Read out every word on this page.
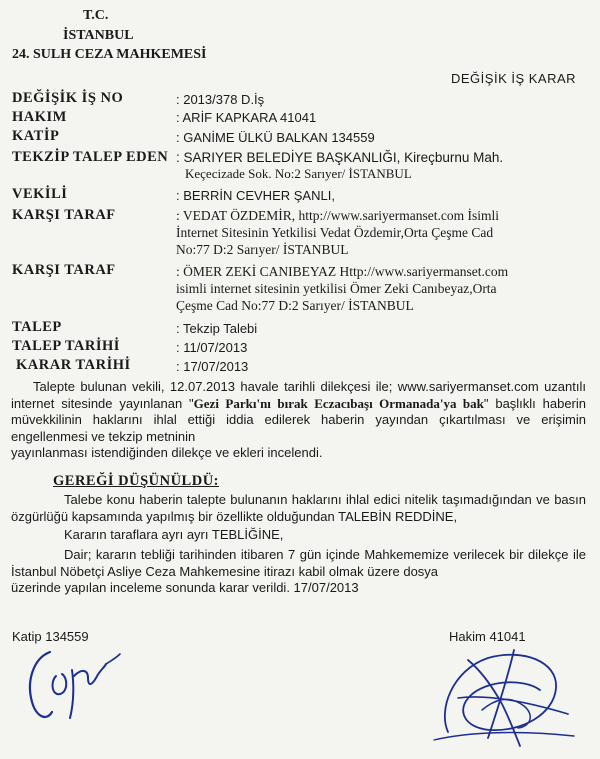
T.C.
İSTANBUL
24. SULH CEZA MAHKEMESİ
DEĞİŞİK İŞ KARAR
DEĞİŞİK İŞ NO	: 2013/378 D.İş
HAKIM	: ARİF KAPKARA 41041
KATİP	: GANİME ÜLKÜ BALKAN 134559
TEKZİP TALEP EDEN : SARIYER BELEDİYE BAŞKANLIĞI, Kireçburnu Mah.
Keçecizade Sok. No:2 Sarıyer/ İSTANBUL
VEKİLİ	: BERRİN CEVHER ŞANLI,
KARŞI TARAF	: VEDAT ÖZDEMİR, http://www.sariyermanset.com İsimli
İnternet Sitesinin Yetkilisi Vedat Özdemir,Orta Çeşme Cad
No:77 D:2 Sarıyer/ İSTANBUL
KARŞI TARAF	: ÖMER ZEKİ CANIBEYAZ Http://www.sariyermanset.com
isimli internet sitesinin yetkilisi Ömer Zeki Canıbeyaz,Orta
Çeşme Cad No:77 D:2 Sarıyer/ İSTANBUL
TALEP	: Tekzip Talebi
TALEP TARİHİ	: 11/07/2013
KARAR TARİHİ	: 17/07/2013
Talepte bulunan vekili, 12.07.2013 havale tarihli dilekçesi ile; www.sariyermanset.com uzantılı internet sitesinde yayınlanan "Gezi Parkı'nı bırak Eczacıbaşı Ormanada'ya bak" başlıklı haberin müvekkilinin haklarını ihlal ettiği iddia edilerek haberin yayından çıkartılması ve erişimin engellenmesi ve tekzip metninin
yayınlanması istendiğinden dilekçe ve ekleri incelendi.
GEREĞİ DÜŞÜNÜLDÜ:
Talebe konu haberin talepte bulunanın haklarını ihlal edici nitelik taşımadığından ve basın özgürlüğü kapsamında yapılmış bir özellikte olduğundan TALEBİN REDDİNE,
Kararın taraflara ayrı ayrı TEBLİĞİNE,
Dair; kararın tebliği tarihinden itibaren 7 gün içinde Mahkememize verilecek bir dilekçe ile İstanbul Nöbetçi Asliye Ceza Mahkemesine itirazı kabil olmak üzere dosya
üzerinde yapılan inceleme sonunda karar verildi. 17/07/2013
Katip 134559	Hakim 41041
